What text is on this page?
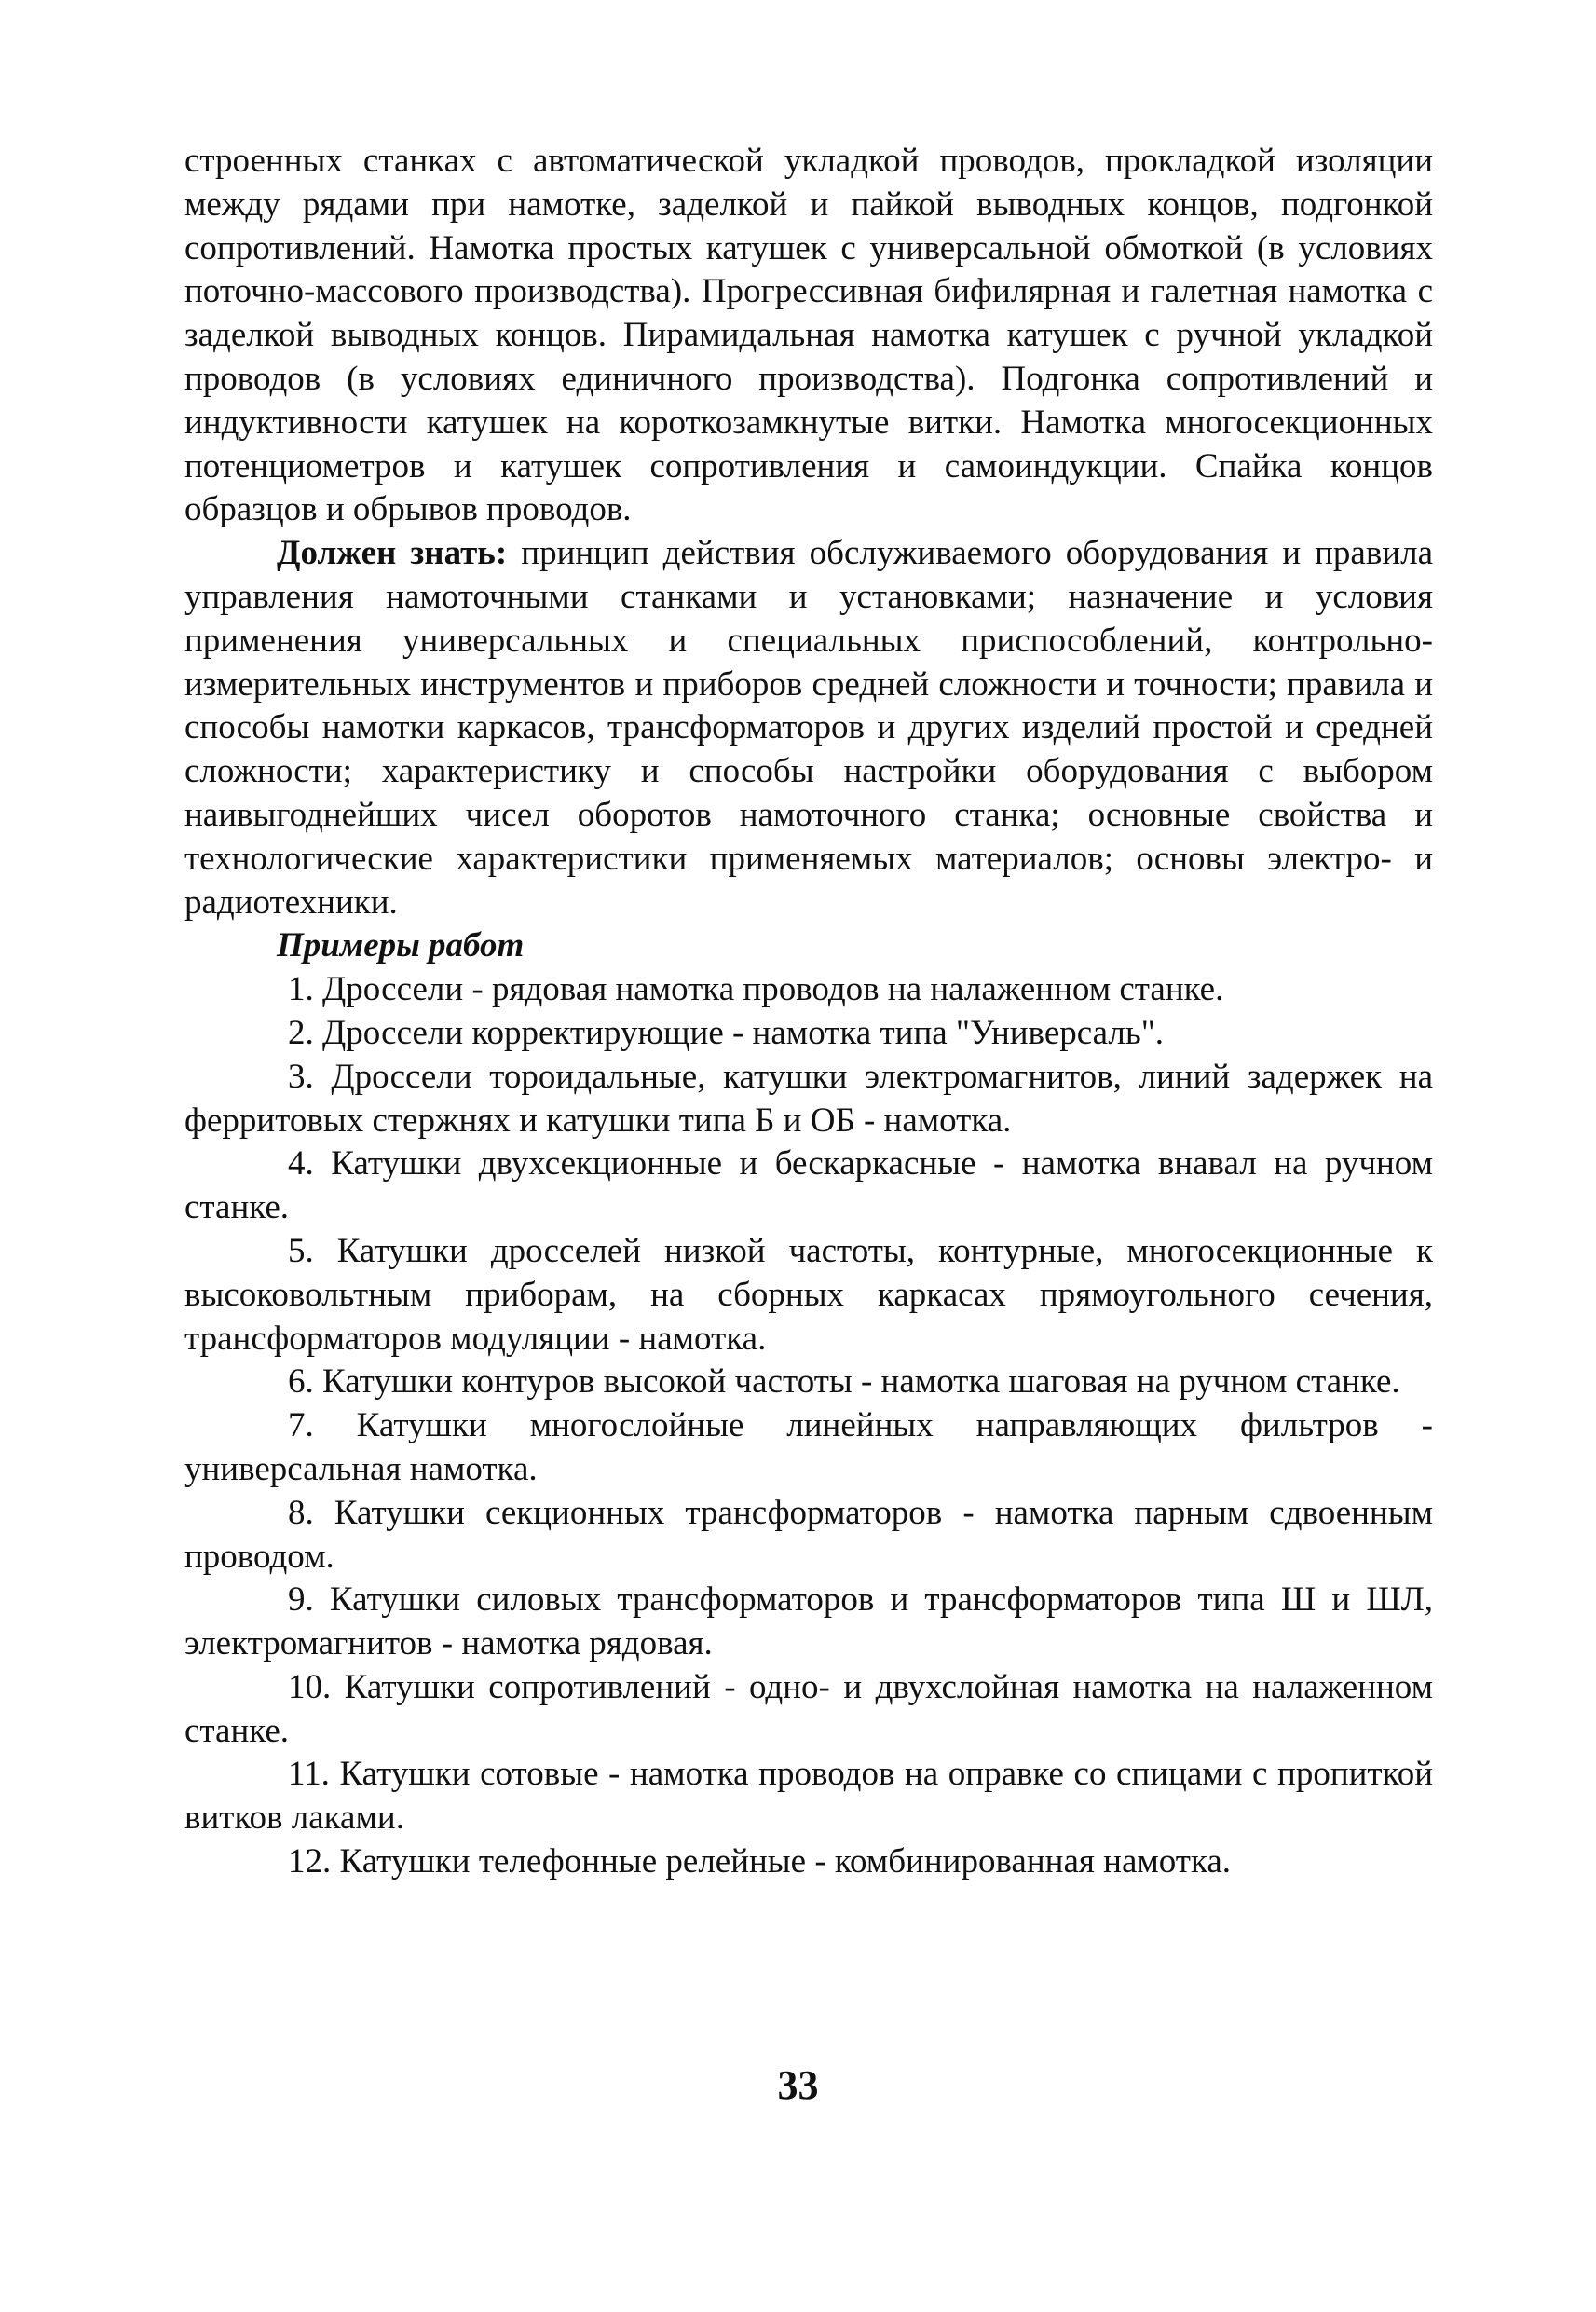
строенных станках с автоматической укладкой проводов, прокладкой изоляции между рядами при намотке, заделкой и пайкой выводных концов, подгонкой сопротивлений. Намотка простых катушек с универсальной обмоткой (в условиях поточно-массового производства). Прогрессивная бифилярная и галетная намотка с заделкой выводных концов. Пирамидальная намотка катушек с ручной укладкой проводов (в условиях единичного производства). Подгонка сопротивлений и индуктивности катушек на короткозамкнутые витки. Намотка многосекционных потенциометров и катушек сопротивления и самоиндукции. Спайка концов образцов и обрывов проводов.

Должен знать: принцип действия обслуживаемого оборудования и правила управления намоточными станками и установками; назначение и условия применения универсальных и специальных приспособлений, контрольно-измерительных инструментов и приборов средней сложности и точности; правила и способы намотки каркасов, трансформаторов и других изделий простой и средней сложности; характеристику и способы настройки оборудования с выбором наивыгоднейших чисел оборотов намоточного станка; основные свойства и технологические характеристики применяемых материалов; основы электро- и радиотехники.

Примеры работ

1. Дроссели - рядовая намотка проводов на налаженном станке.

2. Дроссели корректирующие - намотка типа "Универсаль".

3. Дроссели тороидальные, катушки электромагнитов, линий задержек на ферритовых стержнях и катушки типа Б и ОБ - намотка.

4. Катушки двухсекционные и бескаркасные - намотка внавал на ручном станке.

5. Катушки дросселей низкой частоты, контурные, многосекционные к высоковольтным приборам, на сборных каркасах прямоугольного сечения, трансформаторов модуляции - намотка.

6. Катушки контуров высокой частоты - намотка шаговая на ручном станке.

7. Катушки многослойные линейных направляющих фильтров - универсальная намотка.

8. Катушки секционных трансформаторов - намотка парным сдвоенным проводом.

9. Катушки силовых трансформаторов и трансформаторов типа Ш и ШЛ, электромагнитов - намотка рядовая.

10. Катушки сопротивлений - одно- и двухслойная намотка на налаженном станке.

11. Катушки сотовые - намотка проводов на оправке со спицами с пропиткой витков лаками.

12. Катушки телефонные релейные - комбинированная намотка.

33
